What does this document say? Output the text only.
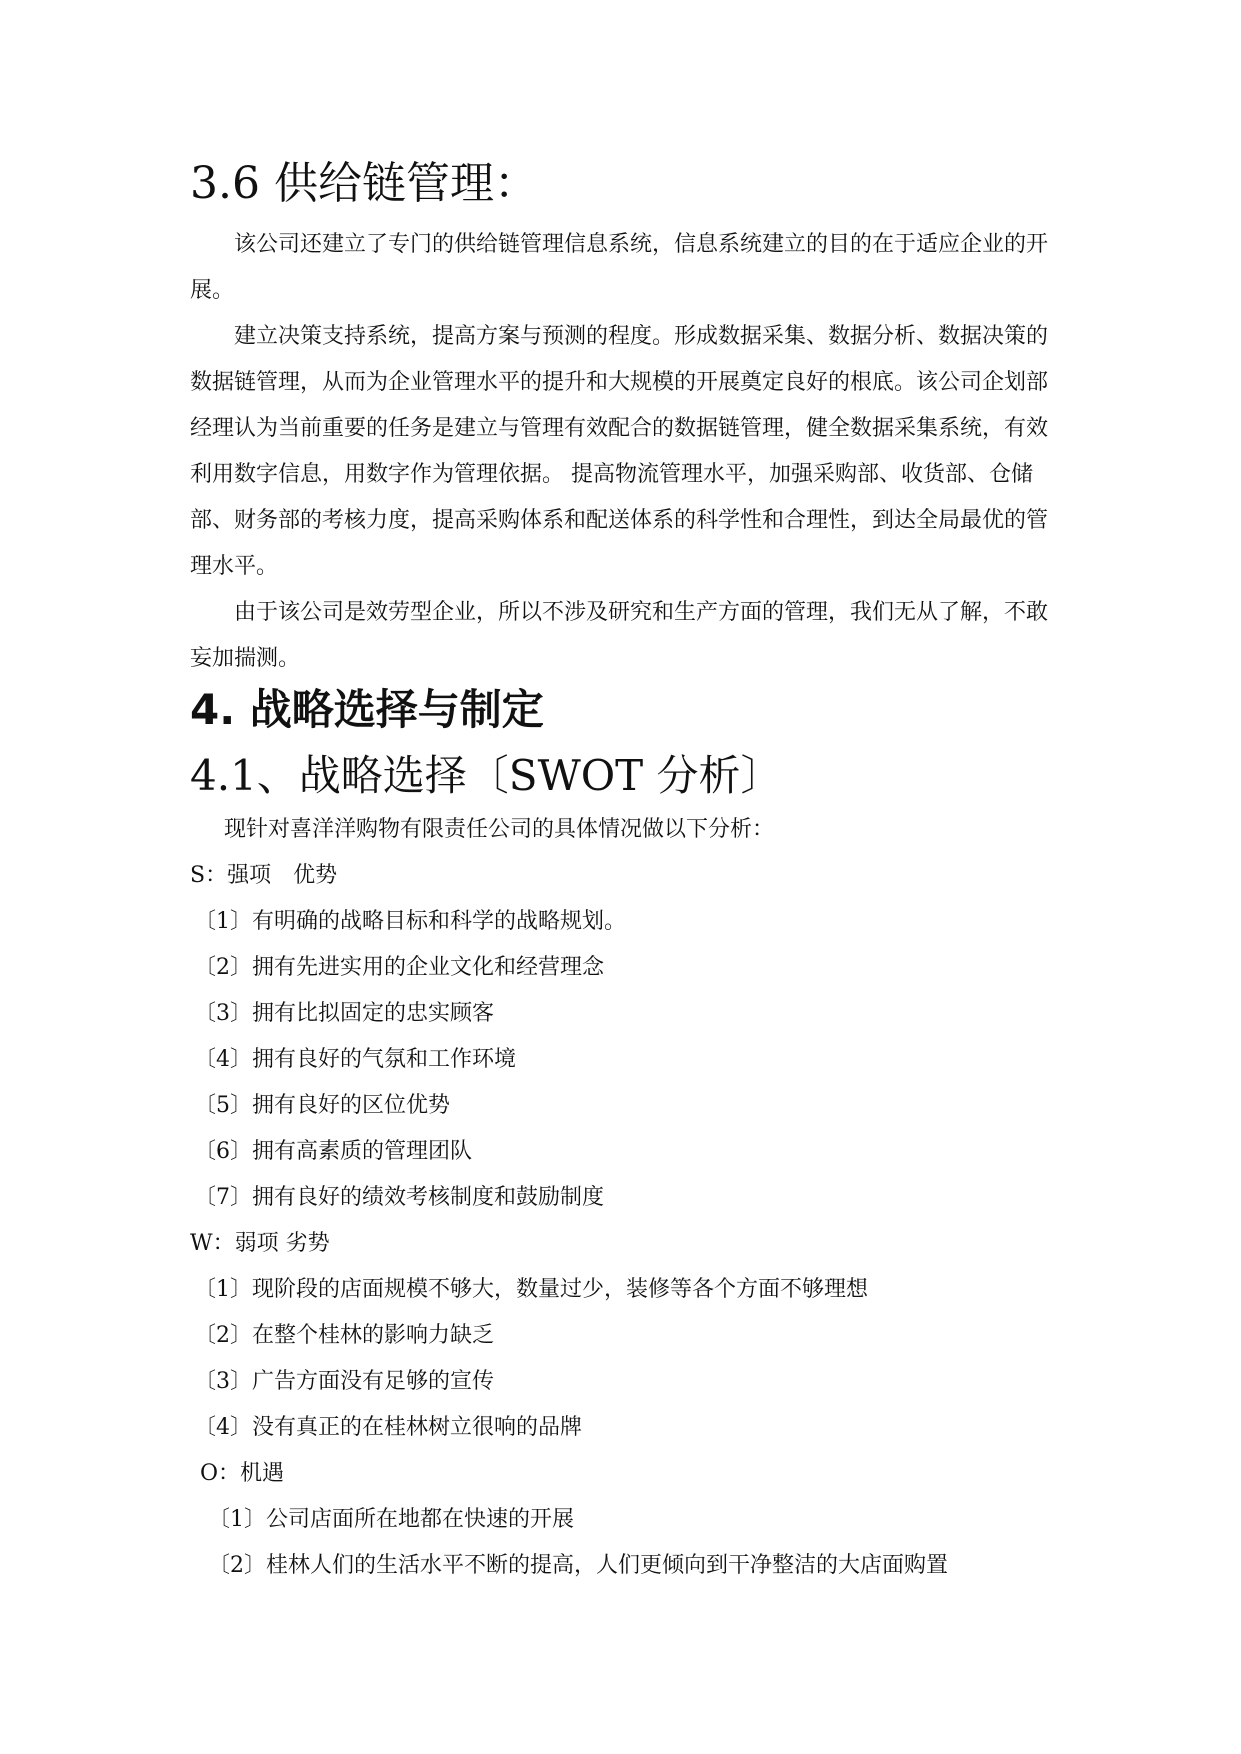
3.6 供给链管理：

该公司还建立了专门的供给链管理信息系统，信息系统建立的目的在于适应企业的开展。

建立决策支持系统，提高方案与预测的程度。形成数据采集、数据分析、数据决策的数据链管理，从而为企业管理水平的提升和大规模的开展奠定良好的根底。该公司企划部经理认为当前重要的任务是建立与管理有效配合的数据链管理，健全数据采集系统，有效利用数字信息，用数字作为管理依据。 提高物流管理水平，加强采购部、收货部、仓储部、财务部的考核力度，提高采购体系和配送体系的科学性和合理性，到达全局最优的管理水平。

由于该公司是效劳型企业，所以不涉及研究和生产方面的管理，我们无从了解，不敢妄加揣测。

4. 战略选择与制定
4.1、战略选择〔SWOT 分析〕

现针对喜洋洋购物有限责任公司的具体情况做以下分析：

S：强项　优势

〔1〕有明确的战略目标和科学的战略规划。

〔2〕拥有先进实用的企业文化和经营理念

〔3〕拥有比拟固定的忠实顾客

〔4〕拥有良好的气氛和工作环境

〔5〕拥有良好的区位优势

〔6〕拥有高素质的管理团队

〔7〕拥有良好的绩效考核制度和鼓励制度

W：弱项 劣势

〔1〕现阶段的店面规模不够大，数量过少，装修等各个方面不够理想

〔2〕在整个桂林的影响力缺乏

〔3〕广告方面没有足够的宣传

〔4〕没有真正的在桂林树立很响的品牌

O：机遇

〔1〕公司店面所在地都在快速的开展

〔2〕桂林人们的生活水平不断的提高，人们更倾向到干净整洁的大店面购置
